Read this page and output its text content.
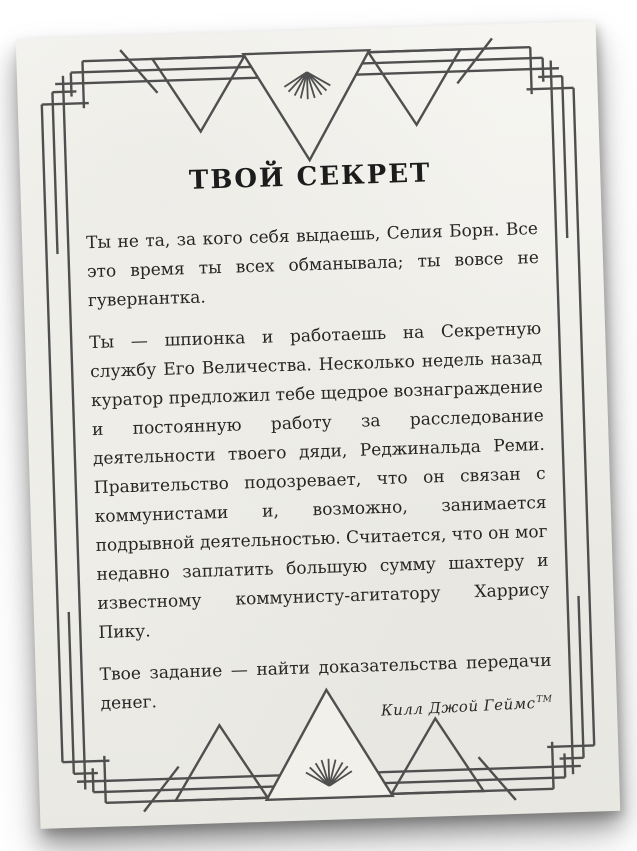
ТВОЙ СЕКРЕТ

Ты не та, за кого себя выдаешь, Селия Борн. Все это время ты всех обманывала; ты вовсе не гувернантка.

Ты — шпионка и работаешь на Секретную службу Его Величества. Несколько недель назад куратор предложил тебе щедрое вознаграждение и постоянную работу за расследование деятельности твоего дяди, Реджинальда Реми. Правительство подозревает, что он связан с коммунистами и, возможно, занимается подрывной деятельностью. Считается, что он мог недавно заплатить большую сумму шахтеру и известному коммунисту-агитатору Харрису Пику.

Твое задание — найти доказательства передачи денег.	Килл Джой Геймс$^{ТМ}$
